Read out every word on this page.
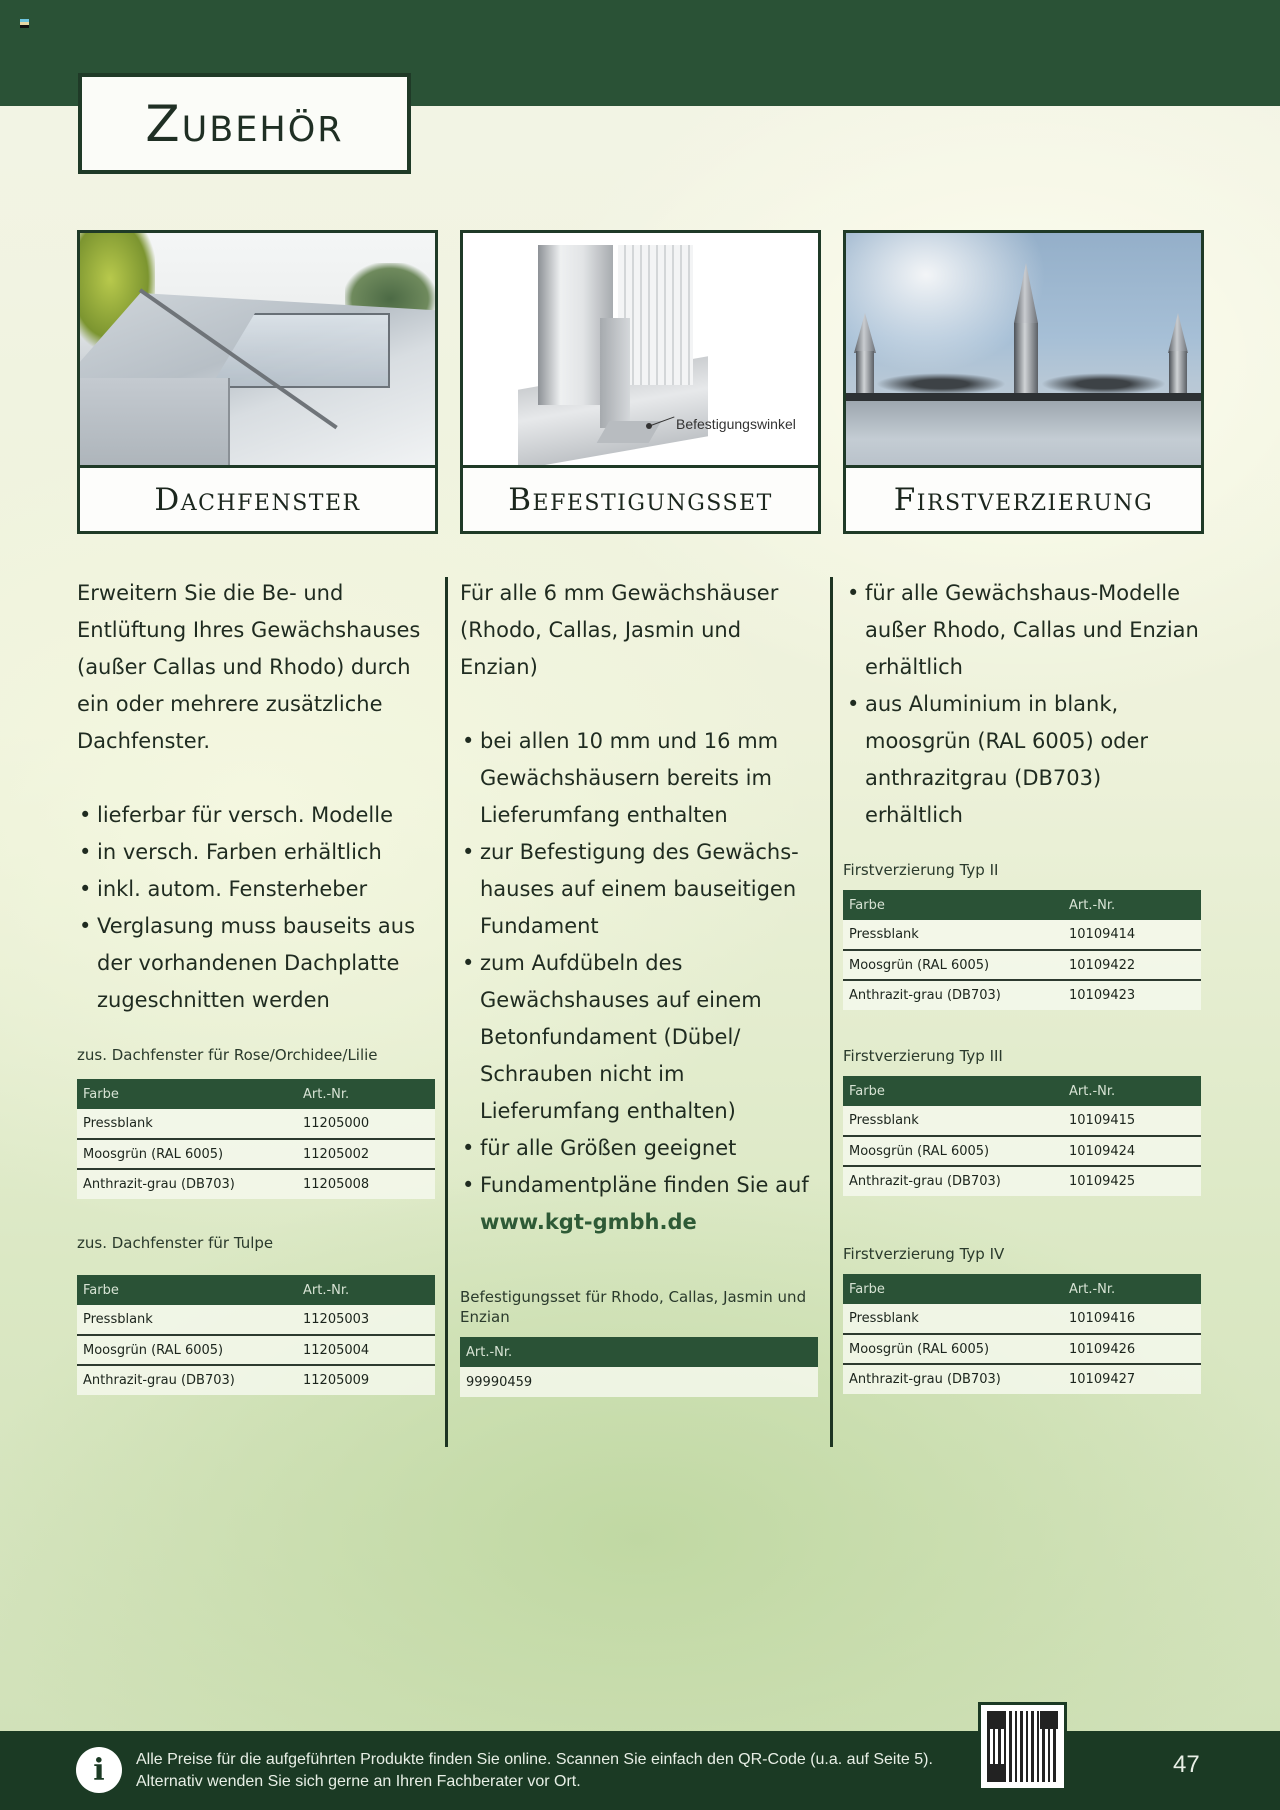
Zubehör
Dachfenster
Befestigungswinkel
Befestigungsset	Firstverzierung

Erweitern Sie die Be- und Entlüftung Ihres Gewächshauses (außer Callas und Rhodo) durch ein oder mehrere zusätzliche Dachfenster.

• lieferbar für versch. Modelle
• in versch. Farben erhältlich
• inkl. autom. Fensterheber
• Verglasung muss bauseits aus der vorhandenen Dachplatte zugeschnitten werden
zus. Dachfenster für Rose/Orchidee/Lilie
Farbe	Art.-Nr.
Pressblank	11205000
Moosgrün (RAL 6005)	11205002
Anthrazit-grau (DB703)	11205008
zus. Dachfenster für Tulpe
Farbe	Art.-Nr.
Pressblank	11205003
Moosgrün (RAL 6005)	11205004
Anthrazit-grau (DB703)	11205009

Für alle 6 mm Gewächshäuser (Rhodo, Callas, Jasmin und Enzian)

• bei allen 10 mm und 16 mm Gewächshäusern bereits im Lieferumfang enthalten
• zur Befestigung des Gewächs-hauses auf einem bauseitigen Fundament
• zum Aufdübeln des Gewächshauses auf einem Betonfundament (Dübel/ Schrauben nicht im Lieferumfang enthalten)
• für alle Größen geeignet
• Fundamentpläne finden Sie auf www.kgt-gmbh.de
Befestigungsset für Rhodo, Callas, Jasmin und Enzian
Art.-Nr.
99990459
• für alle Gewächshaus-Modelle außer Rhodo, Callas und Enzian erhältlich
• aus Aluminium in blank, moosgrün (RAL 6005) oder anthrazitgrau (DB703) erhältlich
Firstverzierung Typ II
Farbe	Art.-Nr.
Pressblank	10109414
Moosgrün (RAL 6005)	10109422
Anthrazit-grau (DB703)	10109423
Firstverzierung Typ III
Farbe	Art.-Nr.
Pressblank	10109415
Moosgrün (RAL 6005)	10109424
Anthrazit-grau (DB703)	10109425
Firstverzierung Typ IV
Farbe	Art.-Nr.
Pressblank	10109416
Moosgrün (RAL 6005)	10109426
Anthrazit-grau (DB703)	10109427
i	Alle Preise für die aufgeführten Produkte finden Sie online. Scannen Sie einfach den QR-Code (u.a. auf Seite 5).
Alternativ wenden Sie sich gerne an Ihren Fachberater vor Ort.
47
